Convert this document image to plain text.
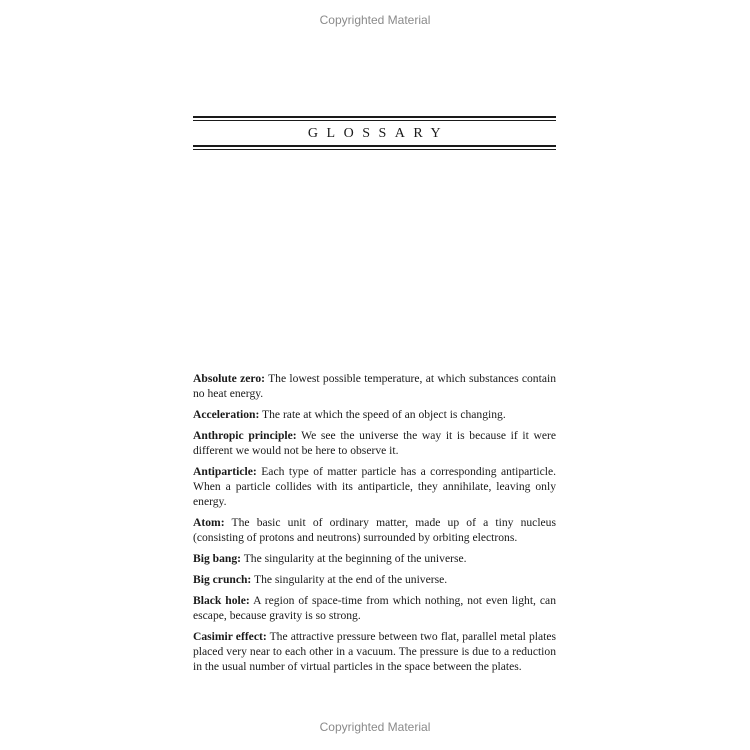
Copyrighted Material
GLOSSARY

Absolute zero: The lowest possible temperature, at which substances contain no heat energy.

Acceleration: The rate at which the speed of an object is changing.

Anthropic principle: We see the universe the way it is because if it were different we would not be here to observe it.

Antiparticle: Each type of matter particle has a corresponding antiparticle. When a particle collides with its antiparticle, they annihilate, leaving only energy.

Atom: The basic unit of ordinary matter, made up of a tiny nucleus (consisting of protons and neutrons) surrounded by orbiting electrons.

Big bang: The singularity at the beginning of the universe.

Big crunch: The singularity at the end of the universe.

Black hole: A region of space-time from which nothing, not even light, can escape, because gravity is so strong.

Casimir effect: The attractive pressure between two flat, parallel metal plates placed very near to each other in a vacuum. The pressure is due to a reduction in the usual number of virtual particles in the space between the plates.

Copyrighted Material
